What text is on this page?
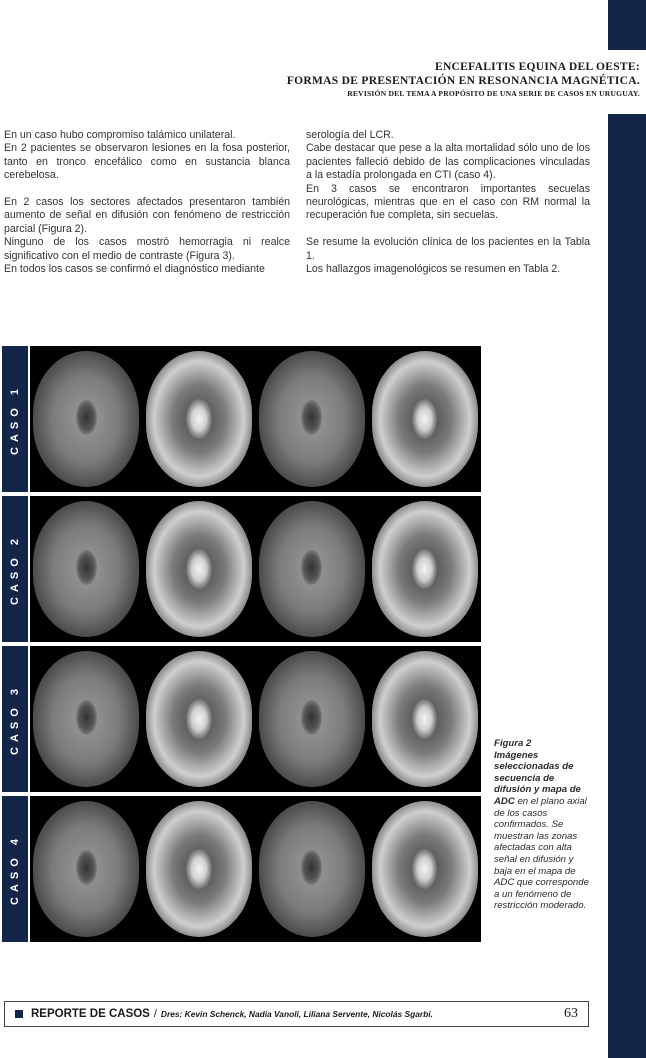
ENCEFALITIS EQUINA DEL OESTE:
FORMAS DE PRESENTACIÓN EN RESONANCIA MAGNÉTICA.
REVISIÓN DEL TEMA A PROPÓSITO DE UNA SERIE DE CASOS EN URUGUAY.

En un caso hubo compromiso talámico unilateral.

En 2 pacientes se observaron lesiones en la fosa posterior, tanto en tronco encefálico como en sustancia blanca cerebelosa.

En 2 casos los sectores afectados presentaron también aumento de señal en difusión con fenómeno de restricción parcial (Figura 2).

Ninguno de los casos mostró hemorragia ni realce significativo con el medio de contraste (Figura 3).

En todos los casos se confirmó el diagnóstico mediante

serología del LCR.

Cabe destacar que pese a la alta mortalidad sólo uno de los pacientes falleció debido de las complicaciones vinculadas a la estadía prolongada en CTI (caso 4).

En 3 casos se encontraron importantes secuelas neurológicas, mientras que en el caso con RM normal la recuperación fue completa, sin secuelas.

Se resume la evolución clínica de los pacientes en la Tabla 1.

Los hallazgos imagenológicos se resumen en Tabla 2.

CASO 1
CASO 2
CASO 3
CASO 4
Figura 2
Imágenes seleccionadas de secuencia de difusión y mapa de ADC en el plano axial de los casos confirmados. Se muestran las zonas afectadas con alta señal en difusión y baja en el mapa de ADC que corresponde a un fenómeno de restricción moderado.
REPORTE DE CASOS / Dres: Kevin Schenck, Nadia Vanoli, Liliana Servente, Nicolás Sgarbi.	63
